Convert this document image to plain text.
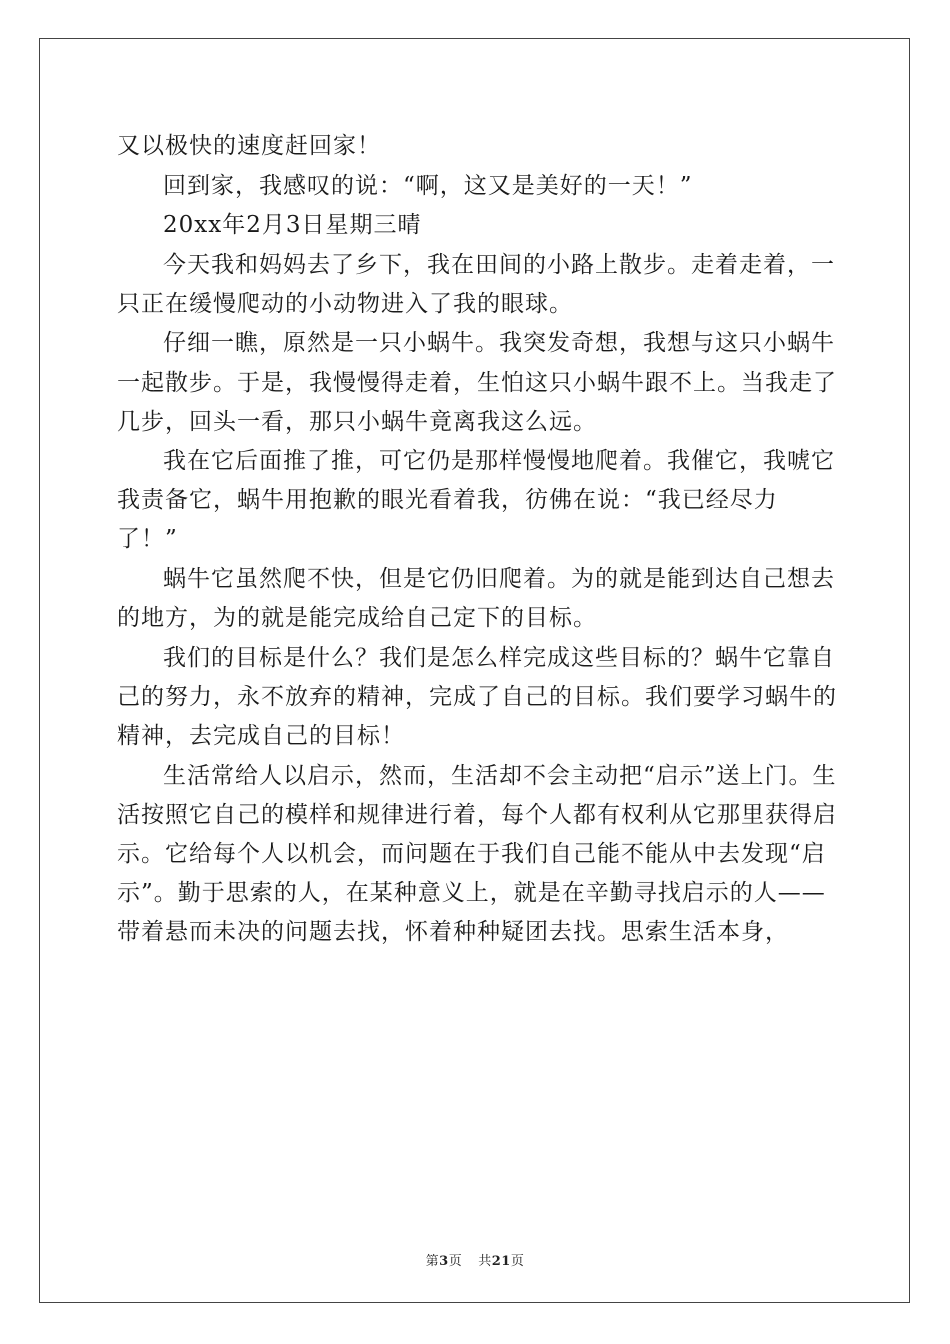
又以极快的速度赶回家！

回到家，我感叹的说：“啊，这又是美好的一天！”

20xx年2月3日星期三晴

今天我和妈妈去了乡下，我在田间的小路上散步。走着走着，一只正在缓慢爬动的小动物进入了我的眼球。

仔细一瞧，原然是一只小蜗牛。我突发奇想，我想与这只小蜗牛一起散步。于是，我慢慢得走着，生怕这只小蜗牛跟不上。当我走了几步，回头一看，那只小蜗牛竟离我这么远。

我在它后面推了推，可它仍是那样慢慢地爬着。我催它，我唬它我责备它，蜗牛用抱歉的眼光看着我，彷佛在说：“我已经尽力了！”

蜗牛它虽然爬不快，但是它仍旧爬着。为的就是能到达自己想去的地方，为的就是能完成给自己定下的目标。

我们的目标是什么？我们是怎么样完成这些目标的？蜗牛它靠自己的努力，永不放弃的精神，完成了自己的目标。我们要学习蜗牛的精神，去完成自己的目标！

生活常给人以启示，然而，生活却不会主动把“启示”送上门。生活按照它自己的模样和规律进行着，每个人都有权利从它那里获得启示。它给每个人以机会，而问题在于我们自己能不能从中去发现“启示”。勤于思索的人，在某种意义上，就是在辛勤寻找启示的人——带着悬而未决的问题去找，怀着种种疑团去找。思索生活本身，

第3页 共21页
